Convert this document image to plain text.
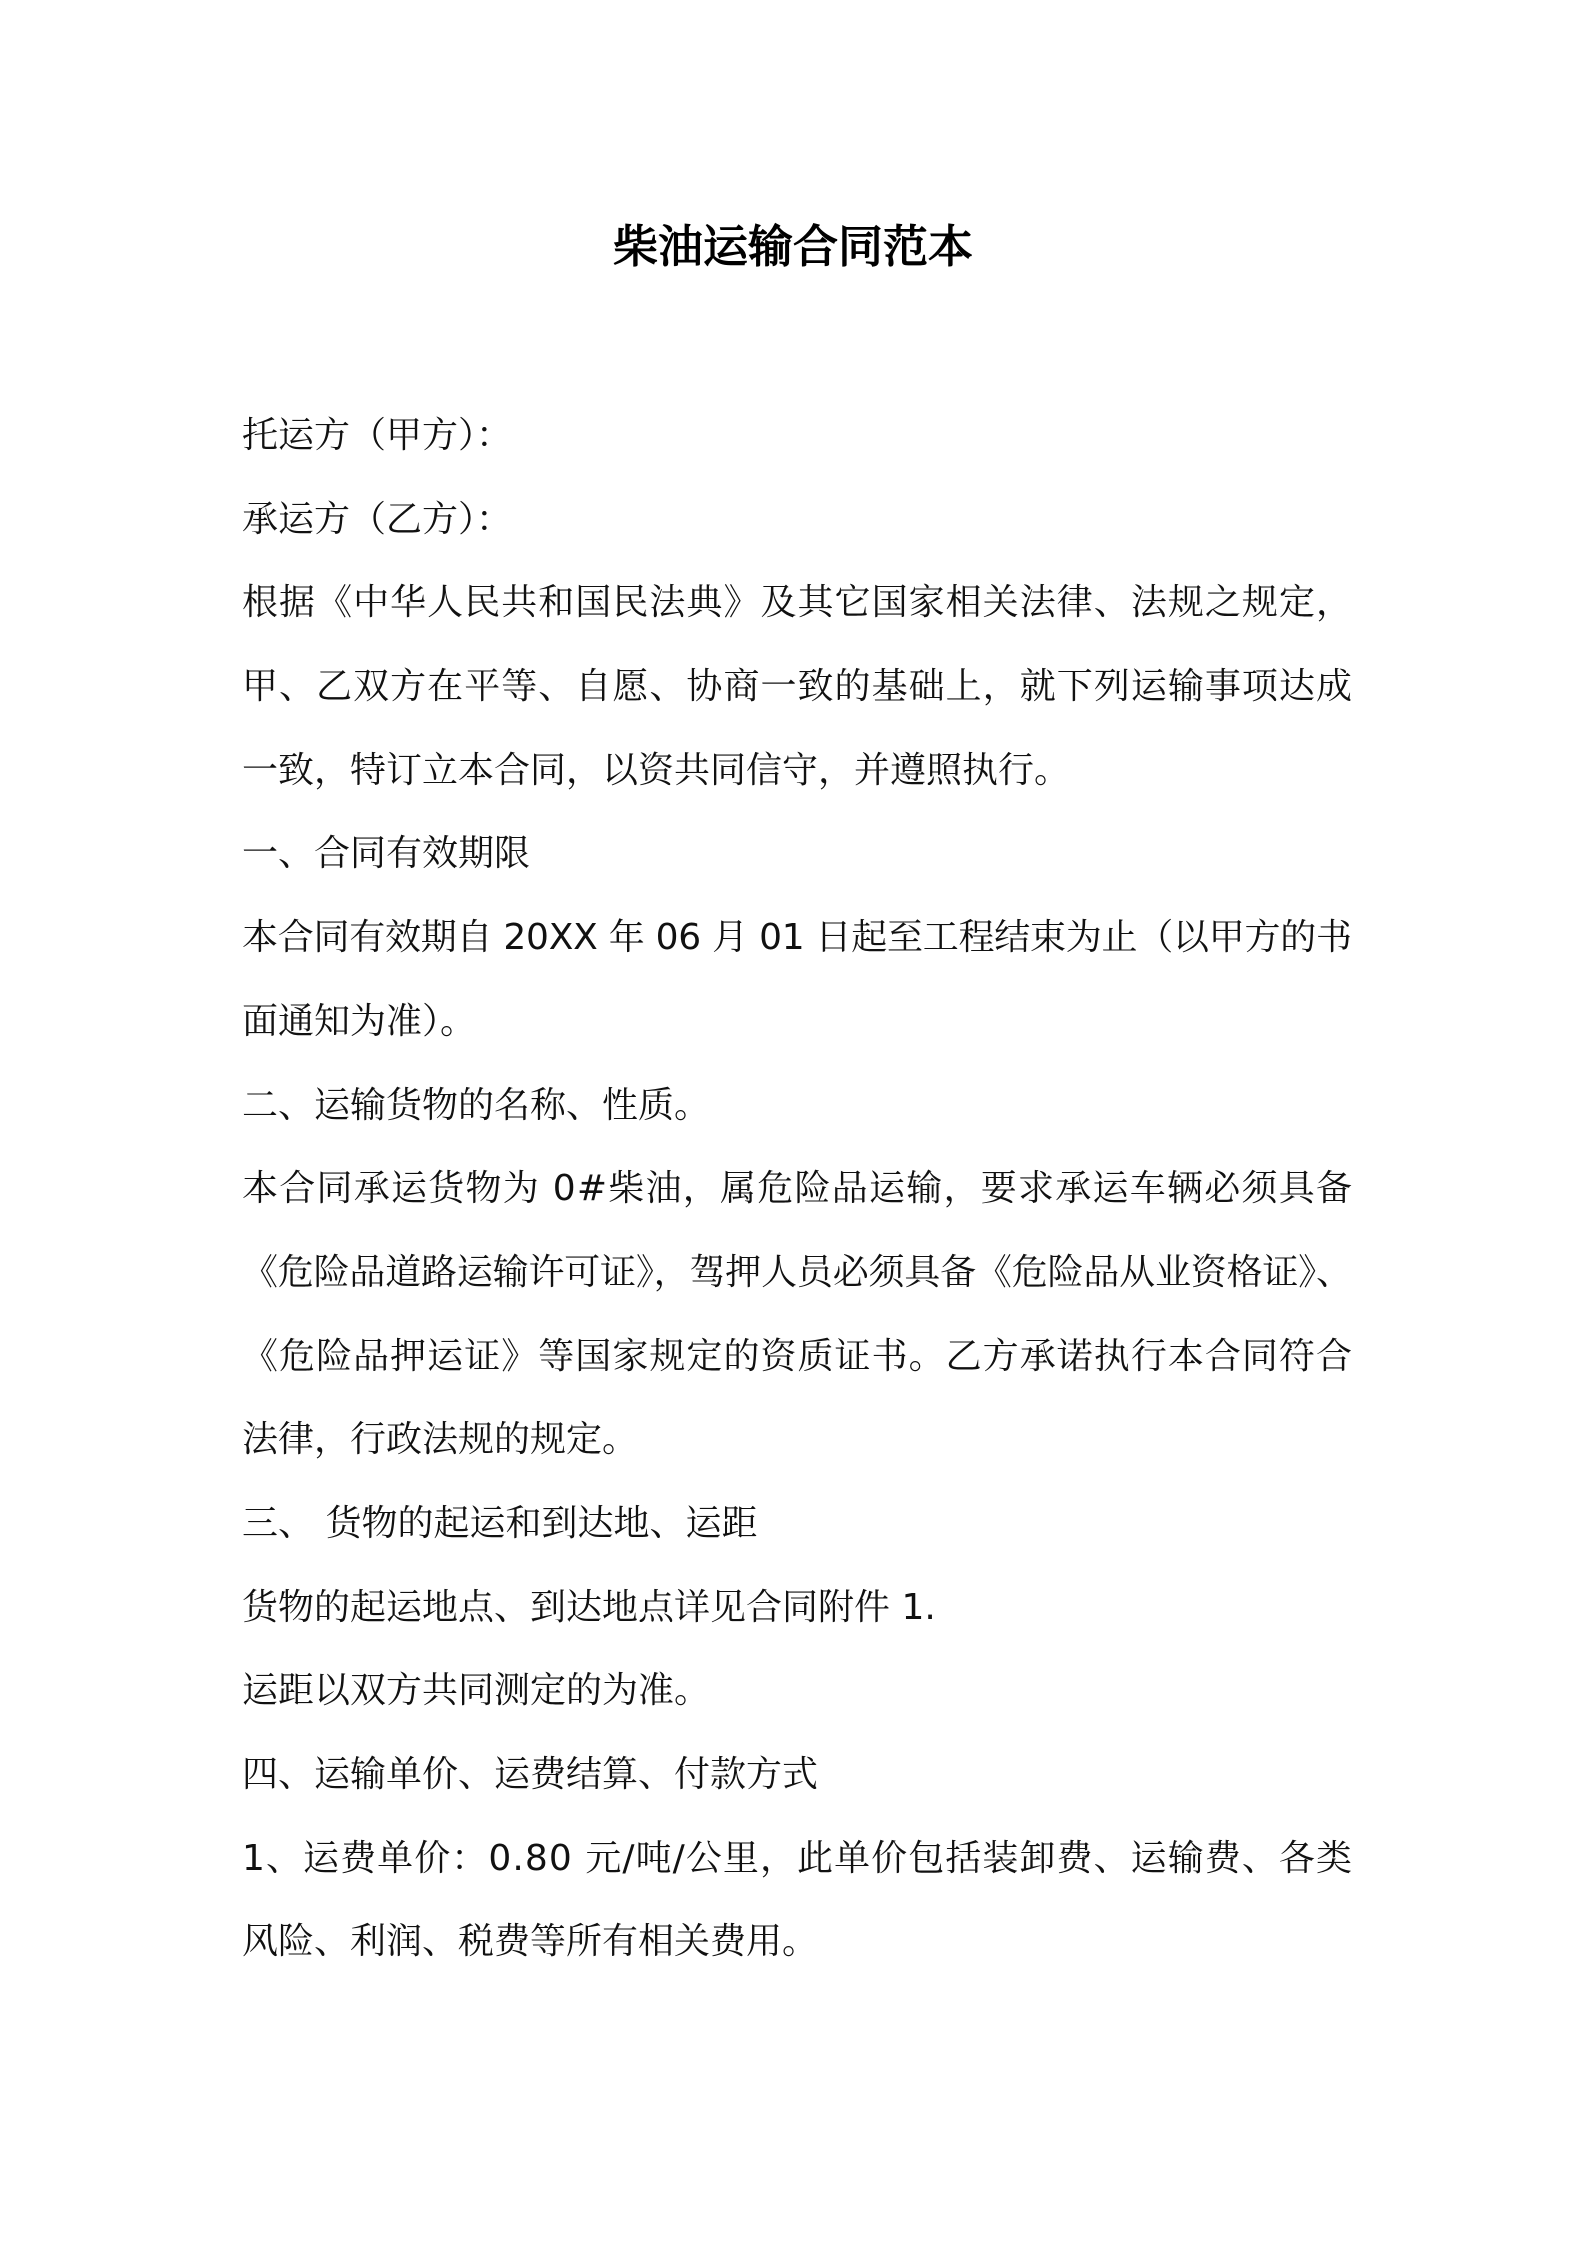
柴油运输合同范本
托运方（甲方）：
承运方（乙方）：
根据《中华人民共和国民法典》及其它国家相关法律、法规之规定，
甲、乙双方在平等、自愿、协商一致的基础上，就下列运输事项达成
一致，特订立本合同，以资共同信守，并遵照执行。
一、合同有效期限
本合同有效期自 20XX 年 06 月 01 日起至工程结束为止（以甲方的书
面通知为准）。
二、运输货物的名称、性质。
本合同承运货物为 0#柴油，属危险品运输，要求承运车辆必须具备
《危险品道路运输许可证》，驾押人员必须具备《危险品从业资格证》、
《危险品押运证》等国家规定的资质证书。乙方承诺执行本合同符合
法律，行政法规的规定。
三、 货物的起运和到达地、运距
货物的起运地点、到达地点详见合同附件 1.
运距以双方共同测定的为准。
四、运输单价、运费结算、付款方式
1、运费单价：0.80 元/吨/公里，此单价包括装卸费、运输费、各类
风险、利润、税费等所有相关费用。
